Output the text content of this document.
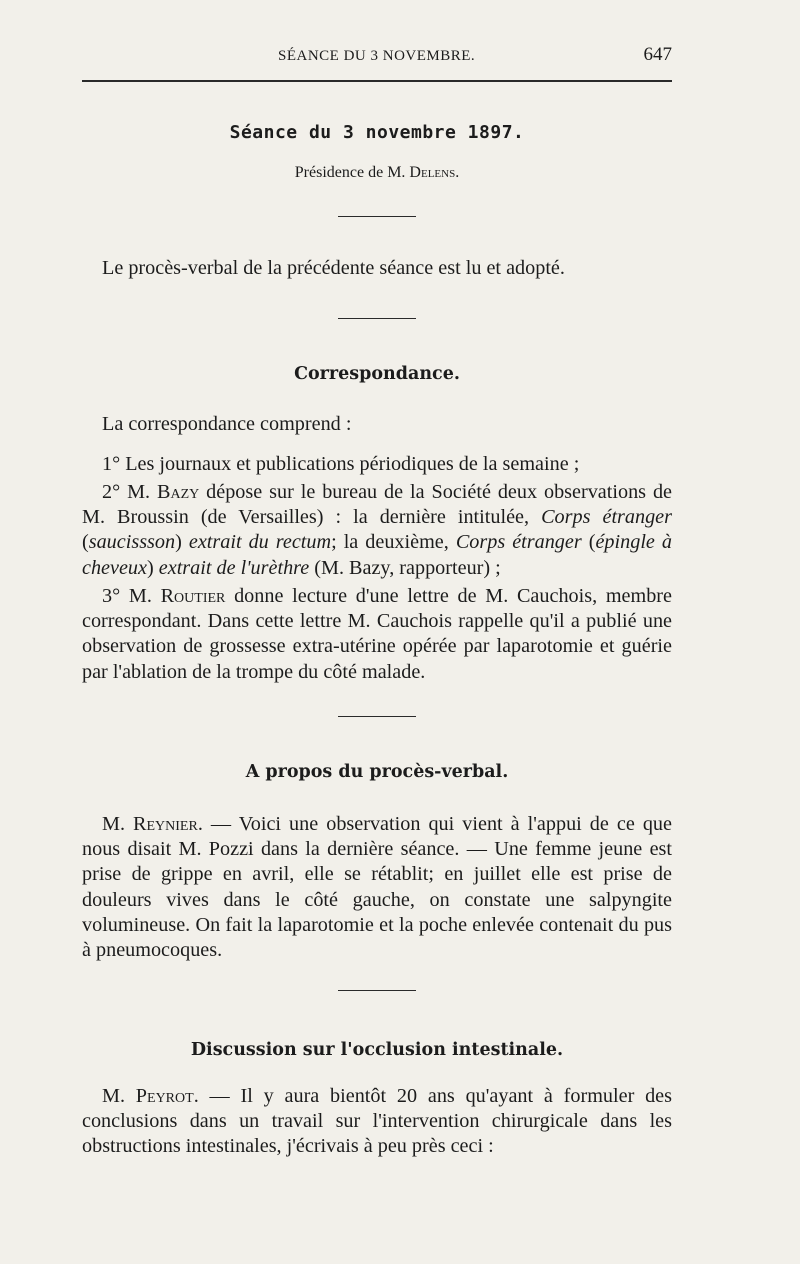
SÉANCE DU 3 NOVEMBRE.	647
Séance du 3 novembre 1897.
Présidence de M. Delens.

Le procès-verbal de la précédente séance est lu et adopté.

Correspondance.

La correspondance comprend :

1° Les journaux et publications périodiques de la semaine ;

2° M. Bazy dépose sur le bureau de la Société deux observations de M. Broussin (de Versailles) : la dernière intitulée, Corps étranger (saucissson) extrait du rectum; la deuxième, Corps étranger (épingle à cheveux) extrait de l'urèthre (M. Bazy, rapporteur) ;

3° M. Routier donne lecture d'une lettre de M. Cauchois, membre correspondant. Dans cette lettre M. Cauchois rappelle qu'il a publié une observation de grossesse extra-utérine opérée par laparotomie et guérie par l'ablation de la trompe du côté malade.

A propos du procès-verbal.

M. Reynier. — Voici une observation qui vient à l'appui de ce que nous disait M. Pozzi dans la dernière séance. — Une femme jeune est prise de grippe en avril, elle se rétablit; en juillet elle est prise de douleurs vives dans le côté gauche, on constate une salpyngite volumineuse. On fait la laparotomie et la poche enlevée contenait du pus à pneumocoques.

Discussion sur l'occlusion intestinale.

M. Peyrot. — Il y aura bientôt 20 ans qu'ayant à formuler des conclusions dans un travail sur l'intervention chirurgicale dans les obstructions intestinales, j'écrivais à peu près ceci :
